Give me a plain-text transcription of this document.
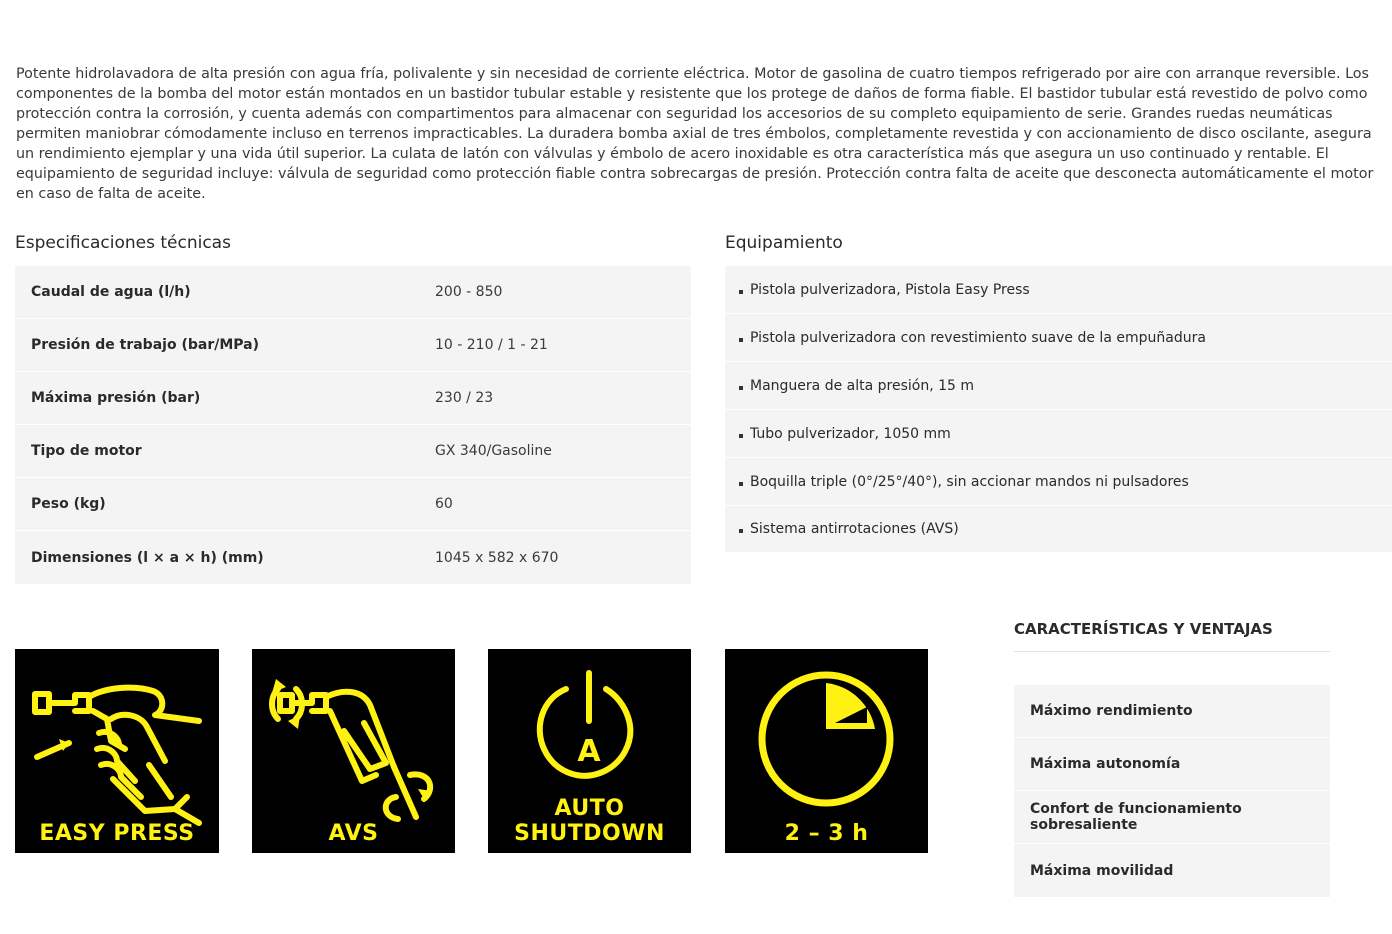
Potente hidrolavadora de alta presión con agua fría, polivalente y sin necesidad de corriente eléctrica. Motor de gasolina de cuatro tiempos refrigerado por aire con arranque reversible. Los componentes de la bomba del motor están montados en un bastidor tubular estable y resistente que los protege de daños de forma fiable. El bastidor tubular está revestido de polvo como protección contra la corrosión, y cuenta además con compartimentos para almacenar con seguridad los accesorios de su completo equipamiento de serie. Grandes ruedas neumáticas permiten maniobrar cómodamente incluso en terrenos impracticables. La duradera bomba axial de tres émbolos, completamente revestida y con accionamiento de disco oscilante, asegura un rendimiento ejemplar y una vida útil superior. La culata de latón con válvulas y émbolo de acero inoxidable es otra característica más que asegura un uso continuado y rentable. El equipamiento de seguridad incluye: válvula de seguridad como protección fiable contra sobrecargas de presión. Protección contra falta de aceite que desconecta automáticamente el motor en caso de falta de aceite.

Especificaciones técnicas
Caudal de agua (l/h)	200 - 850
Presión de trabajo (bar/MPa)	10 - 210 / 1 - 21
Máxima presión (bar)	230 / 23
Tipo de motor	GX 340/Gasoline
Peso (kg)	60
Dimensiones (l × a × h) (mm)	1045 x 582 x 670
Equipamiento
Pistola pulverizadora, Pistola Easy Press
Pistola pulverizadora con revestimiento suave de la empuñadura
Manguera de alta presión, 15 m
Tubo pulverizador, 1050 mm
Boquilla triple (0°/25°/40°), sin accionar mandos ni pulsadores
Sistema antirrotaciones (AVS)
EASY PRESS	AVS
A
AUTO
SHUTDOWN	2 – 3 h
CARACTERÍSTICAS Y VENTAJAS
Máximo rendimiento
Máxima autonomía
Confort de funcionamiento sobresaliente
Máxima movilidad
